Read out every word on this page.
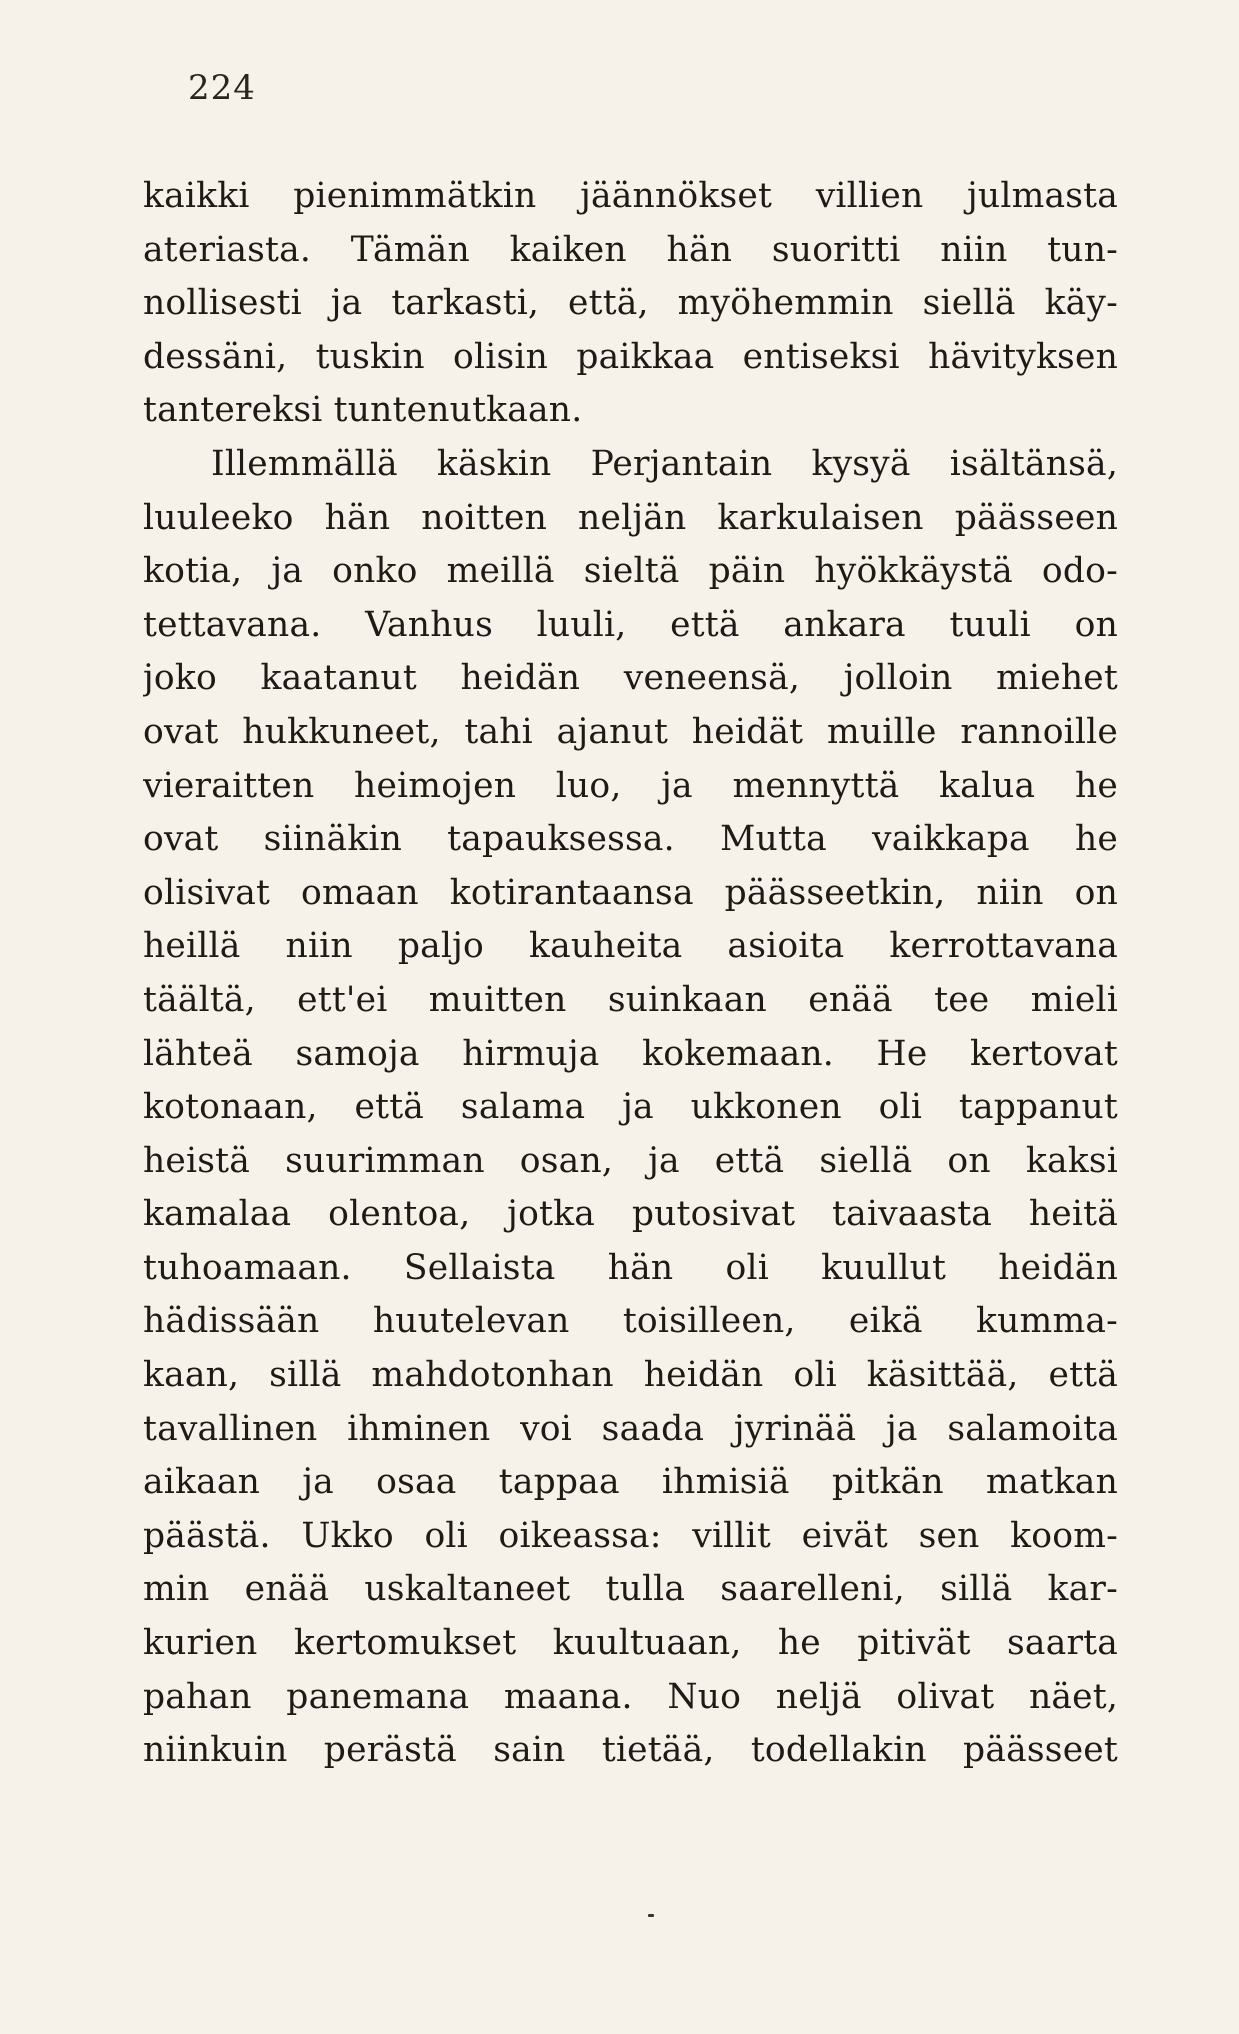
224
kaikki pienimmätkin jäännökset villien julmasta
ateriasta. Tämän kaiken hän suoritti niin tun-
nollisesti ja tarkasti, että, myöhemmin siellä käy-
dessäni, tuskin olisin paikkaa entiseksi hävityksen
tantereksi tuntenutkaan.
Illemmällä käskin Perjantain kysyä isältänsä,
luuleeko hän noitten neljän karkulaisen päässeen
kotia, ja onko meillä sieltä päin hyökkäystä odo-
tettavana. Vanhus luuli, että ankara tuuli on
joko kaatanut heidän veneensä, jolloin miehet
ovat hukkuneet, tahi ajanut heidät muille rannoille
vieraitten heimojen luo, ja mennyttä kalua he
ovat siinäkin tapauksessa. Mutta vaikkapa he
olisivat omaan kotirantaansa päässeetkin, niin on
heillä niin paljo kauheita asioita kerrottavana
täältä, ett'ei muitten suinkaan enää tee mieli
lähteä samoja hirmuja kokemaan. He kertovat
kotonaan, että salama ja ukkonen oli tappanut
heistä suurimman osan, ja että siellä on kaksi
kamalaa olentoa, jotka putosivat taivaasta heitä
tuhoamaan. Sellaista hän oli kuullut heidän
hädissään huutelevan toisilleen, eikä kumma-
kaan, sillä mahdotonhan heidän oli käsittää, että
tavallinen ihminen voi saada jyrinää ja salamoita
aikaan ja osaa tappaa ihmisiä pitkän matkan
päästä. Ukko oli oikeassa: villit eivät sen koom-
min enää uskaltaneet tulla saarelleni, sillä kar-
kurien kertomukset kuultuaan, he pitivät saarta
pahan panemana maana. Nuo neljä olivat näet,
niinkuin perästä sain tietää, todellakin päässeet
